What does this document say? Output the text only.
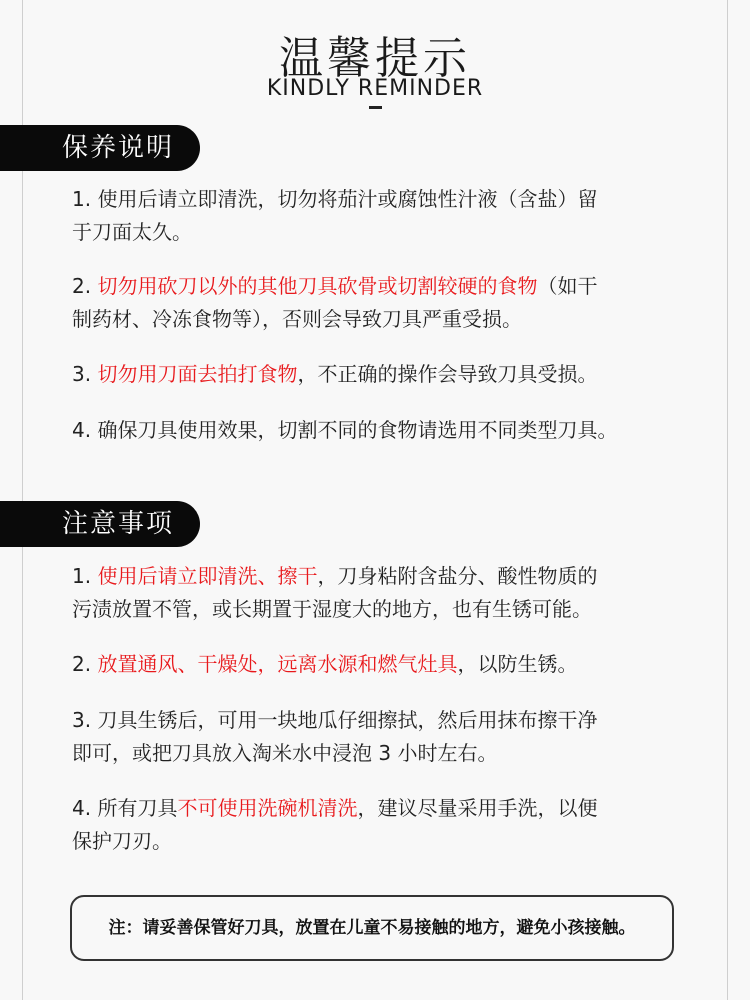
温馨提示
KINDLY REMINDER
保养说明

1. 使用后请立即清洗，切勿将茄汁或腐蚀性汁液（含盐）留

于刀面太久。

2. 切勿用砍刀以外的其他刀具砍骨或切割较硬的食物（如干

制药材、冷冻食物等），否则会导致刀具严重受损。

3. 切勿用刀面去拍打食物，不正确的操作会导致刀具受损。

4. 确保刀具使用效果，切割不同的食物请选用不同类型刀具。

注意事项

1. 使用后请立即清洗、擦干，刀身粘附含盐分、酸性物质的

污渍放置不管，或长期置于湿度大的地方，也有生锈可能。

2. 放置通风、干燥处，远离水源和燃气灶具，以防生锈。

3. 刀具生锈后，可用一块地瓜仔细擦拭，然后用抹布擦干净

即可，或把刀具放入淘米水中浸泡 3 小时左右。

4. 所有刀具不可使用洗碗机清洗，建议尽量采用手洗，以便

保护刀刃。

注：请妥善保管好刀具，放置在儿童不易接触的地方，避免小孩接触。
